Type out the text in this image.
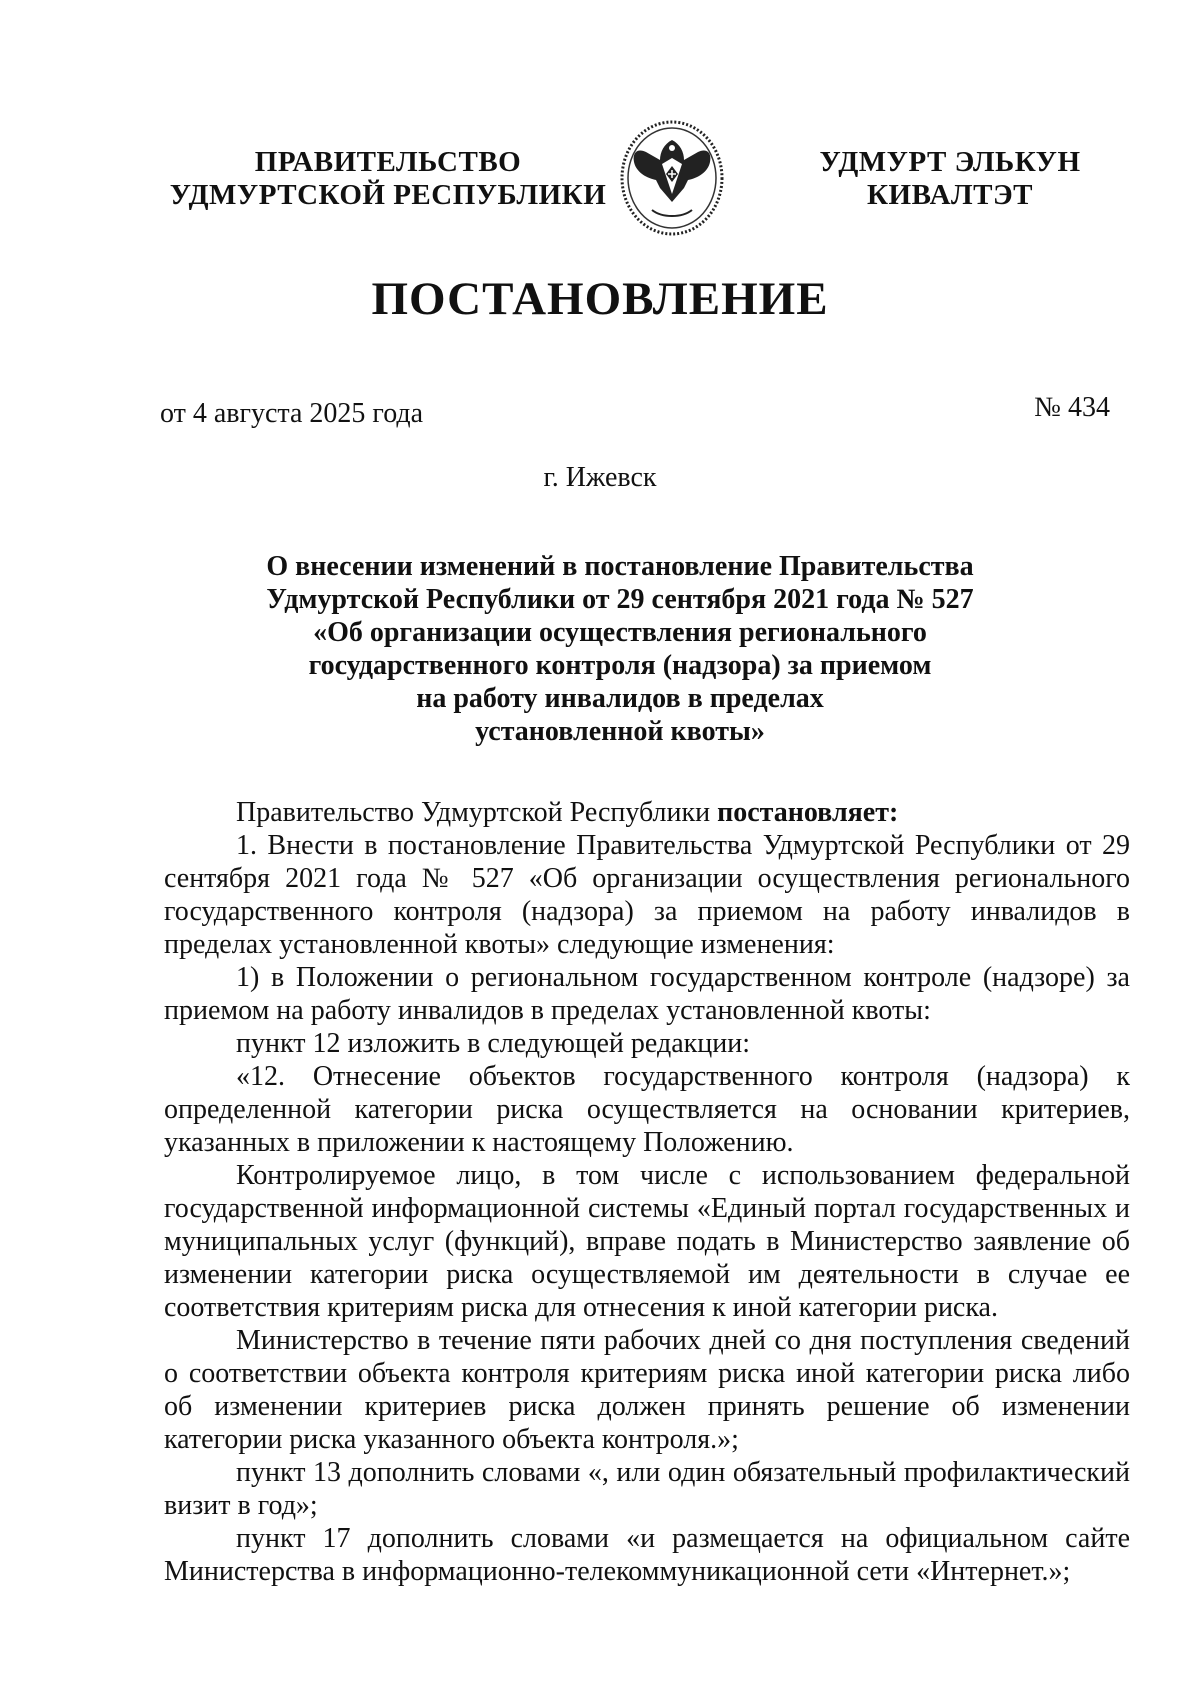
ПРАВИТЕЛЬСТВО
УДМУРТСКОЙ РЕСПУБЛИКИ
УДМУРТ ЭЛЬКУН
КИВАЛТЭТ
ПОСТАНОВЛЕНИЕ
от 4 августа 2025 года	№ 434
г. Ижевск
О внесении изменений в постановление Правительства
Удмуртской Республики от 29 сентября 2021 года № 527
«Об организации осуществления регионального
государственного контроля (надзора) за приемом
на работу инвалидов в пределах
установленной квоты»

Правительство Удмуртской Республики постановляет:

1. Внести в постановление Правительства Удмуртской Республики от 29 сентября 2021 года № 527 «Об организации осуществления регионального государственного контроля (надзора) за приемом на работу инвалидов в пределах установленной квоты» следующие изменения:

1) в Положении о региональном государственном контроле (надзоре) за приемом на работу инвалидов в пределах установленной квоты:

пункт 12 изложить в следующей редакции:

«12. Отнесение объектов государственного контроля (надзора) к определенной категории риска осуществляется на основании критериев, указанных в приложении к настоящему Положению.

Контролируемое лицо, в том числе с использованием федеральной государственной информационной системы «Единый портал государственных и муниципальных услуг (функций), вправе подать в Министерство заявление об изменении категории риска осуществляемой им деятельности в случае ее соответствия критериям риска для отнесения к иной категории риска.

Министерство в течение пяти рабочих дней со дня поступления сведений о соответствии объекта контроля критериям риска иной категории риска либо об изменении критериев риска должен принять решение об изменении категории риска указанного объекта контроля.»;

пункт 13 дополнить словами «, или один обязательный профилактический визит в год»;

пункт 17 дополнить словами «и размещается на официальном сайте Министерства в информационно-телекоммуникационной сети «Интернет.»;
